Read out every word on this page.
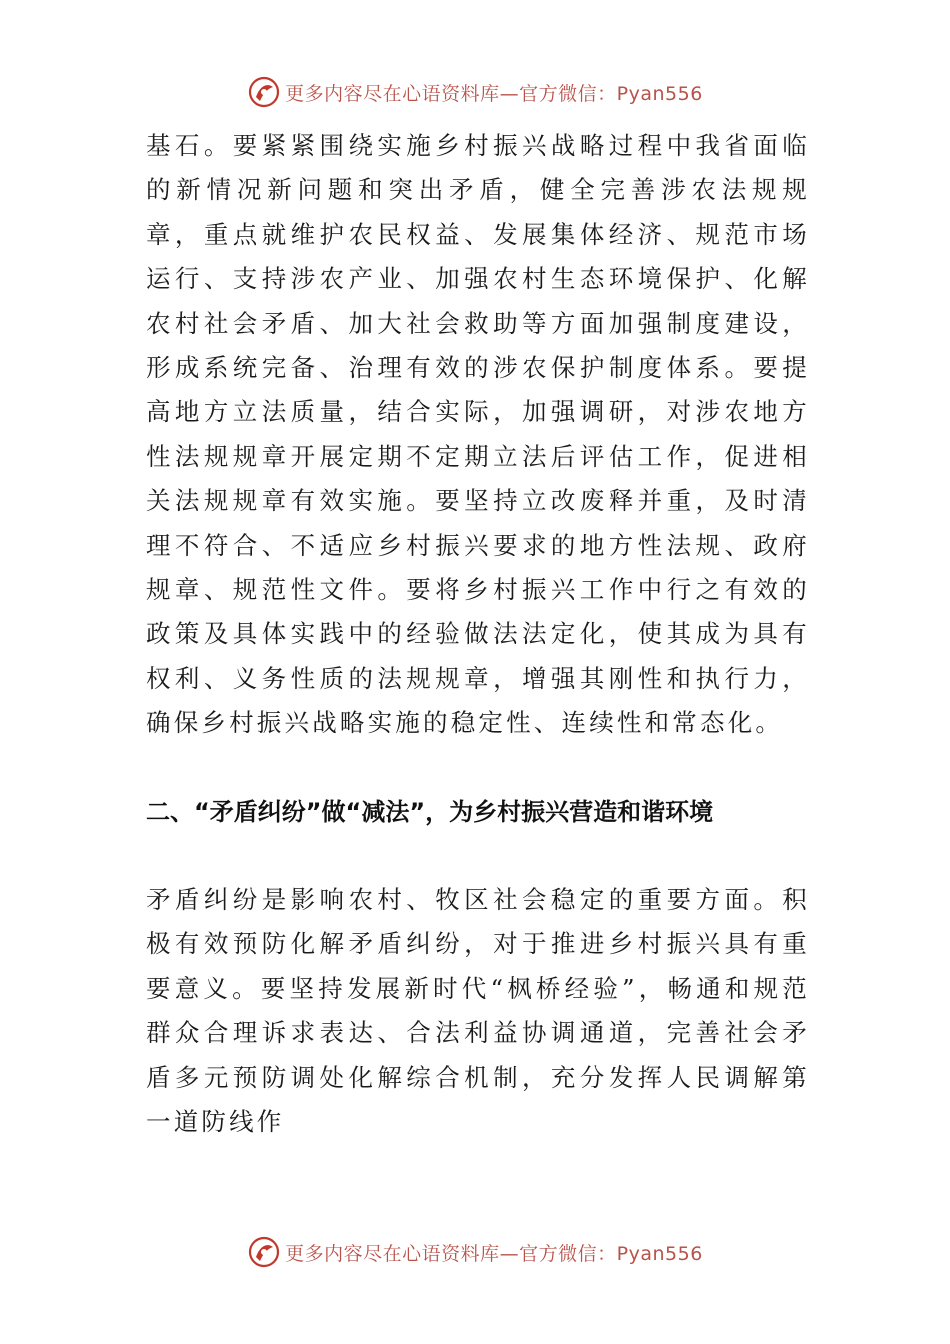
更多内容尽在心语资料库—官方微信：Pyan556

基石。要紧紧围绕实施乡村振兴战略过程中我省面临的新情况新问题和突出矛盾，健全完善涉农法规规章，重点就维护农民权益、发展集体经济、规范市场运行、支持涉农产业、加强农村生态环境保护、化解农村社会矛盾、加大社会救助等方面加强制度建设，形成系统完备、治理有效的涉农保护制度体系。要提高地方立法质量，结合实际，加强调研，对涉农地方性法规规章开展定期不定期立法后评估工作，促进相关法规规章有效实施。要坚持立改废释并重，及时清理不符合、不适应乡村振兴要求的地方性法规、政府规章、规范性文件。要将乡村振兴工作中行之有效的政策及具体实践中的经验做法法定化，使其成为具有权利、义务性质的法规规章，增强其刚性和执行力，确保乡村振兴战略实施的稳定性、连续性和常态化。

二、“矛盾纠纷”做“减法”，为乡村振兴营造和谐环境

矛盾纠纷是影响农村、牧区社会稳定的重要方面。积极有效预防化解矛盾纠纷，对于推进乡村振兴具有重要意义。要坚持发展新时代“枫桥经验”，畅通和规范群众合理诉求表达、合法利益协调通道，完善社会矛盾多元预防调处化解综合机制，充分发挥人民调解第一道防线作

更多内容尽在心语资料库—官方微信：Pyan556
